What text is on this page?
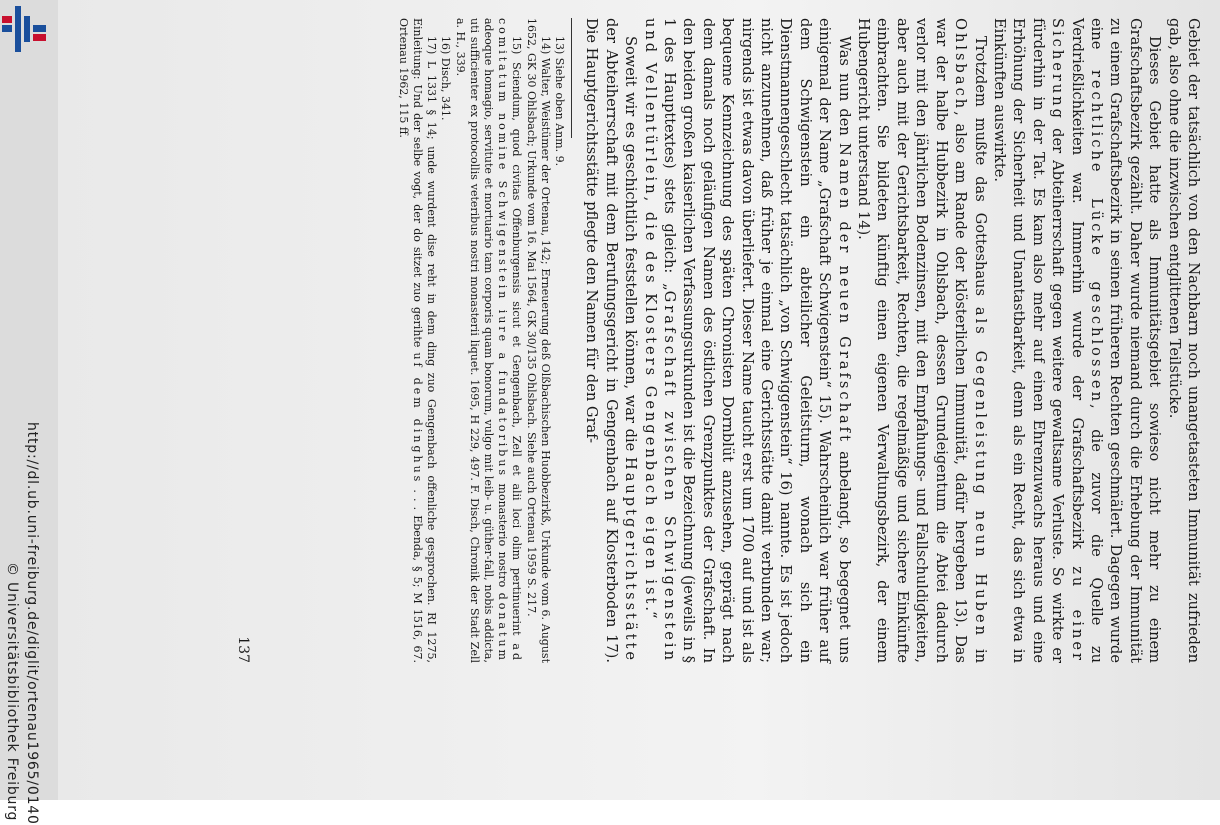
http://dl.ub.uni-freiburg.de/diglit/ortenau1965/0140
© Universitätsbibliothek Freiburg

Gebiet der tatsächlich von den Nachbarn noch unangetasteten Immunität zufrieden gab, also ohne die inzwischen entglittenen Teilstücke.

Dieses Gebiet hatte als Immunitätsgebiet sowieso nicht mehr zu einem Grafschaftsbezirk gezählt. Daher wurde niemand durch die Erhebung der Immunität zu einem Grafschaftsbezirk in seinen früheren Rechten geschmälert. Dagegen wurde eine rechtliche Lücke geschlossen, die zuvor die Quelle zu Verdrießlichkeiten war. Immerhin wurde der Grafschaftsbezirk zu einer Sicherung der Abteiherrschaft gegen weitere gewaltsame Verluste. So wirkte er fürderhin in der Tat. Es kam also mehr auf einen Ehrenzuwachs heraus und eine Erhöhung der Sicherheit und Unantastbarkeit, denn als ein Recht, das sich etwa in Einkünften auswirkte.

Trotzdem mußte das Gotteshaus als Gegenleistung neun Huben in Ohlsbach, also am Rande der klösterlichen Immunität, dafür hergeben 13). Das war der halbe Hubbezirk in Ohlsbach, dessen Grundeigentum die Abtei dadurch verlor mit den jährlichen Bodenzinsen, mit den Empfahungs- und Fallschuldigkeiten, aber auch mit der Gerichtsbarkeit, Rechten, die regelmäßige und sichere Einkünfte einbrachten. Sie bildeten künftig einen eigenen Verwaltungsbezirk, der einem Hubengericht unterstand 14).

Was nun den Namen der neuen Grafschaft anbelangt, so begegnet uns einigemal der Name „Grafschaft Schwigenstein“ 15). Wahrscheinlich war früher auf dem Schwigenstein ein abteilicher Geleitsturm, wonach sich ein Dienstmannengeschlecht tatsächlich „von Schwiggenstein“ 16) nannte. Es ist jedoch nicht anzunehmen, daß früher je einmal eine Gerichtsstätte damit verbunden war; nirgends ist etwas davon überliefert. Dieser Name taucht erst um 1700 auf und ist als bequeme Kennzeichnung des späten Chronisten Dornblüt anzusehen, geprägt nach dem damals noch geläufigen Namen des östlichen Grenzpunktes der Grafschaft. In den beiden großen kaiserlichen Verfassungsurkunden ist die Bezeichnung (jeweils in § 1 des Haupttextes) stets gleich: „Grafschaft zwischen Schwigenstein und Vellentürlein, die des Klosters Gengenbach eigen ist.“

Soweit wir es geschichtlich feststellen können, war die Hauptgerichtsstätte der Abteiherrschaft mit dem Berufungsgericht in Gengenbach auf Klosterboden 17). Die Hauptgerichtsstätte pflegte den Namen für den Graf-

13) Siehe oben Anm. 9.

14) Walter, Weistümer der Ortenau, 142; Erneuerung deß Olßbachischen Huobbezirkß, Urkunde vom 6. August 1652, GK 30 Ohlsbach; Urkunde vom 16. Mai 1564, GK 30/135 Ohlsbach. Siehe auch Ortenau 1959 S. 217.

15) Sciendum, quod civitas Offenburgensis sicut et Gengenbach, Zell et alii loci olim pertinuerint ad comitatum nomine Schwigenstein iure a fundatoribus monasterio nostro donatum adeoque homagio, servitute et mortuario tam corporis quam bonorum, vulgo mit leib- u. güther-fall, nobis addicta, uti sufficienter ex protocollis veteribus nostri monasterii liquet. 1695, H 229, 497. F. Disch, Chronik der Stadt Zell a. H., 339.

16) Disch, 341.

17) L 1331 § 14; unde wurdent dise reht in dem ding zuo Gengenbach offenliche gesprochen. RI 1275, Einleitung: Und der selbe vogt, der do sitzet zuo gerihte uf dem dinghus . . . Ebenda, § 5; M 1516, 67. Ortenau 1962, 115 ff.

137
